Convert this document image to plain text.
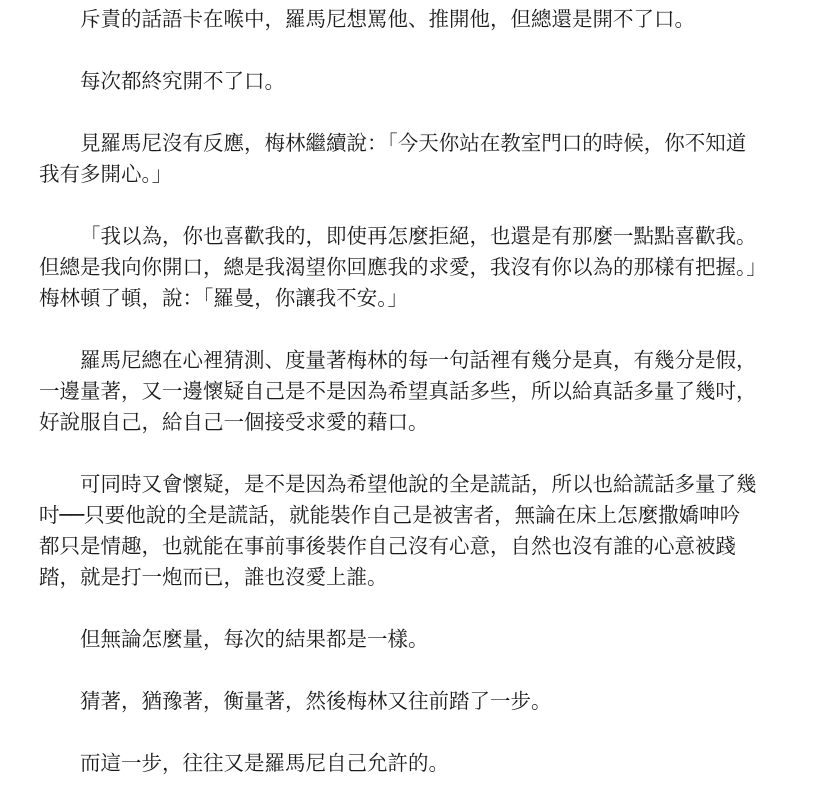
斥責的話語卡在喉中，羅馬尼想罵他、推開他，但總還是開不了口。

每次都終究開不了口。

見羅馬尼沒有反應，梅林繼續說：「今天你站在教室門口的時候，你不知道我有多開心。」

「我以為，你也喜歡我的，即使再怎麼拒絕，也還是有那麼一點點喜歡我。但總是我向你開口，總是我渴望你回應我的求愛，我沒有你以為的那樣有把握。」梅林頓了頓，說：「羅曼，你讓我不安。」

羅馬尼總在心裡猜測、度量著梅林的每一句話裡有幾分是真，有幾分是假，一邊量著，又一邊懷疑自己是不是因為希望真話多些，所以給真話多量了幾吋，好說服自己，給自己一個接受求愛的藉口。

可同時又會懷疑，是不是因為希望他說的全是謊話，所以也給謊話多量了幾吋──只要他說的全是謊話，就能裝作自己是被害者，無論在床上怎麼撒嬌呻吟都只是情趣，也就能在事前事後裝作自己沒有心意，自然也沒有誰的心意被踐踏，就是打一炮而已，誰也沒愛上誰。

但無論怎麼量，每次的結果都是一樣。

猜著，猶豫著，衡量著，然後梅林又往前踏了一步。

而這一步，往往又是羅馬尼自己允許的。
